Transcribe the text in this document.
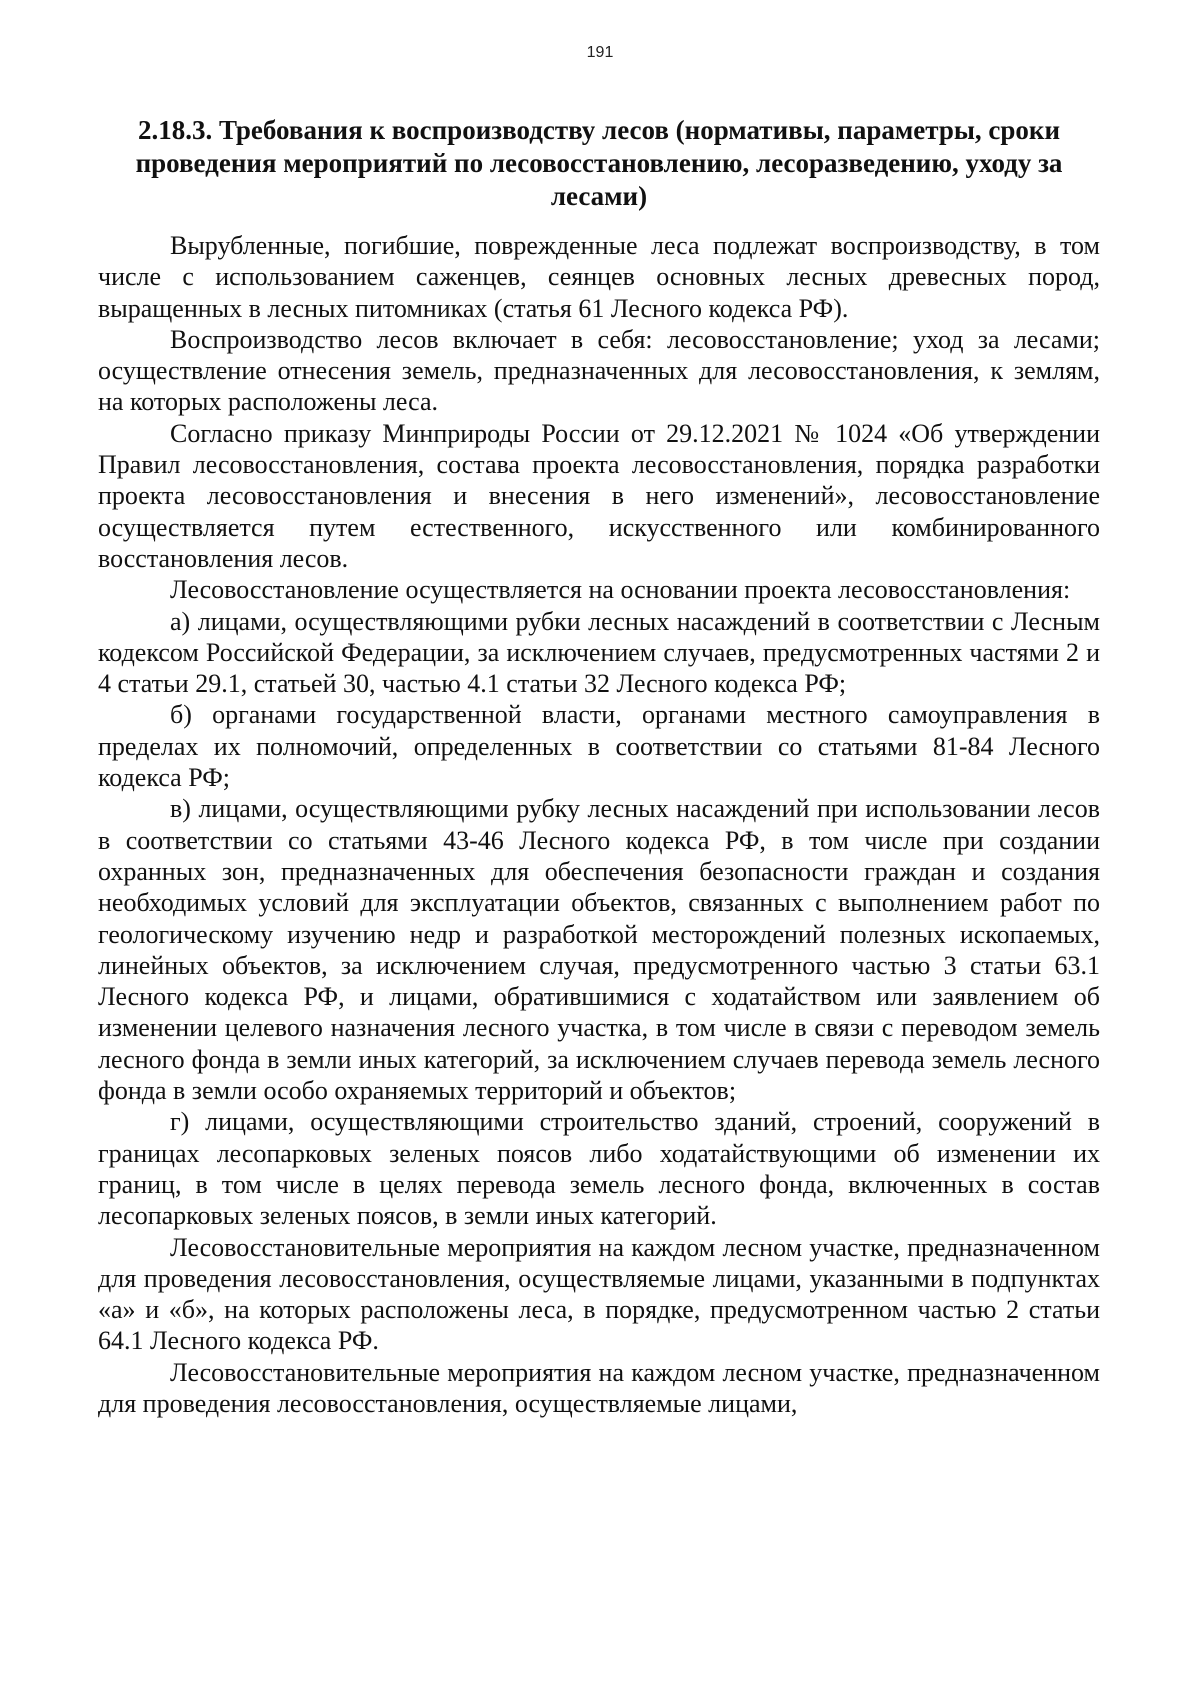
191
2.18.3. Требования к воспроизводству лесов (нормативы, параметры, сроки проведения мероприятий по лесовосстановлению, лесоразведению, уходу за лесами)

Вырубленные, погибшие, поврежденные леса подлежат воспроизводству, в том числе с использованием саженцев, сеянцев основных лесных древесных пород, выращенных в лесных питомниках (статья 61 Лесного кодекса РФ).

Воспроизводство лесов включает в себя: лесовосстановление; уход за лесами; осуществление отнесения земель, предназначенных для лесовосстановления, к землям, на которых расположены леса.

Согласно приказу Минприроды России от 29.12.2021 № 1024 «Об утверждении Правил лесовосстановления, состава проекта лесовосстановления, порядка разработки проекта лесовосстановления и внесения в него изменений», лесовосстановление осуществляется путем естественного, искусственного или комбинированного восстановления лесов.

Лесовосстановление осуществляется на основании проекта лесовосстановления:

а) лицами, осуществляющими рубки лесных насаждений в соответствии с Лесным кодексом Российской Федерации, за исключением случаев, предусмотренных частями 2 и 4 статьи 29.1, статьей 30, частью 4.1 статьи 32 Лесного кодекса РФ;

б) органами государственной власти, органами местного самоуправления в пределах их полномочий, определенных в соответствии со статьями 81-84 Лесного кодекса РФ;

в) лицами, осуществляющими рубку лесных насаждений при использовании лесов в соответствии со статьями 43-46 Лесного кодекса РФ, в том числе при создании охранных зон, предназначенных для обеспечения безопасности граждан и создания необходимых условий для эксплуатации объектов, связанных с выполнением работ по геологическому изучению недр и разработкой месторождений полезных ископаемых, линейных объектов, за исключением случая, предусмотренного частью 3 статьи 63.1 Лесного кодекса РФ, и лицами, обратившимися с ходатайством или заявлением об изменении целевого назначения лесного участка, в том числе в связи с переводом земель лесного фонда в земли иных категорий, за исключением случаев перевода земель лесного фонда в земли особо охраняемых территорий и объектов;

г) лицами, осуществляющими строительство зданий, строений, сооружений в границах лесопарковых зеленых поясов либо ходатайствующими об изменении их границ, в том числе в целях перевода земель лесного фонда, включенных в состав лесопарковых зеленых поясов, в земли иных категорий.

Лесовосстановительные мероприятия на каждом лесном участке, предназначенном для проведения лесовосстановления, осуществляемые лицами, указанными в подпунктах «а» и «б», на которых расположены леса, в порядке, предусмотренном частью 2 статьи 64.1 Лесного кодекса РФ.

Лесовосстановительные мероприятия на каждом лесном участке, предназначенном для проведения лесовосстановления, осуществляемые лицами,
